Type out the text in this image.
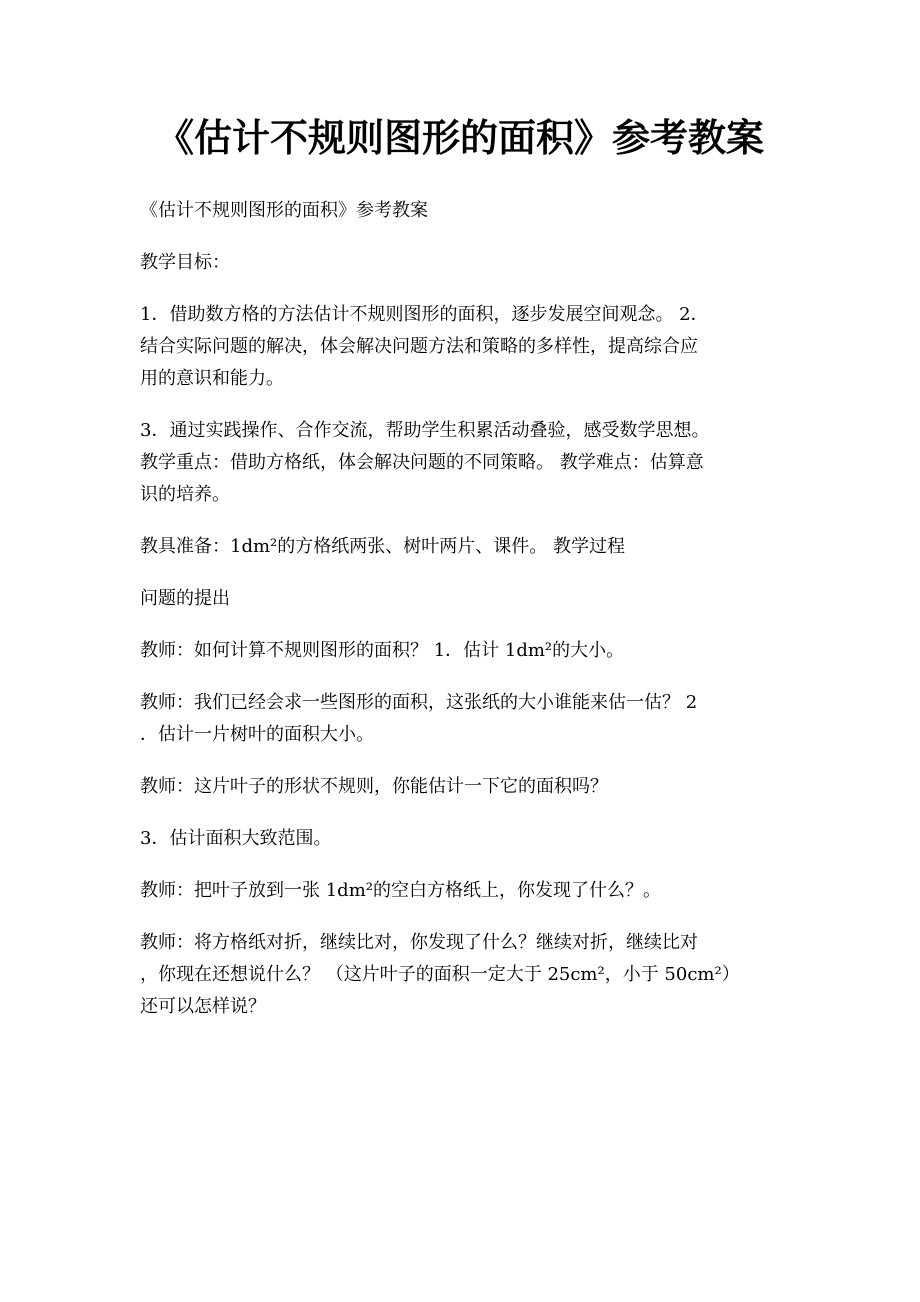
《估计不规则图形的面积》参考教案

《估计不规则图形的面积》参考教案

教学目标：

1．借助数方格的方法估计不规则图形的面积，逐步发展空间观念。 2．
结合实际问题的解决，体会解决问题方法和策略的多样性，提高综合应
用的意识和能力。

3．通过实践操作、合作交流，帮助学生积累活动叠验，感受数学思想。
教学重点：借助方格纸，体会解决问题的不同策略。 教学难点：估算意
识的培养。

教具准备：1dm²的方格纸两张、树叶两片、课件。 教学过程

问题的提出

教师：如何计算不规则图形的面积？ 1．估计 1dm²的大小。

教师：我们已经会求一些图形的面积，这张纸的大小谁能来估一估？ 2
．估计一片树叶的面积大小。

教师：这片叶子的形状不规则，你能估计一下它的面积吗？

3．估计面积大致范围。

教师：把叶子放到一张 1dm²的空白方格纸上，你发现了什么？。

教师：将方格纸对折，继续比对，你发现了什么？继续对折，继续比对
，你现在还想说什么？ （这片叶子的面积一定大于 25cm²，小于 50cm²）
还可以怎样说？
